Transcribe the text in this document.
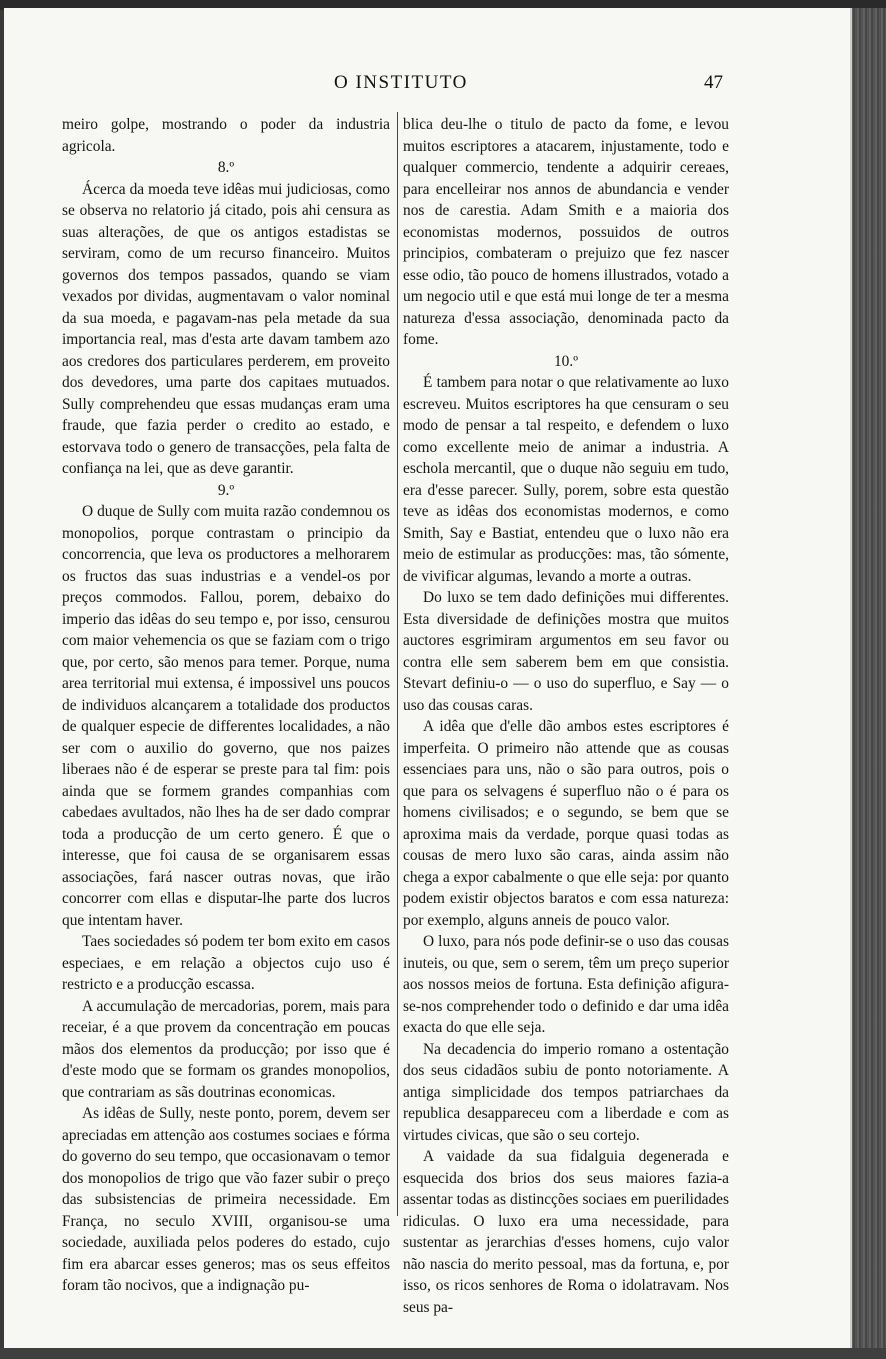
O INSTITUTO	47

meiro golpe, mostrando o poder da industria agricola.

8.º

Ácerca da moeda teve idêas mui judiciosas, como se observa no relatorio já citado, pois ahi censura as suas alterações, de que os antigos estadistas se serviram, como de um recurso financeiro. Muitos governos dos tempos passados, quando se viam vexados por dividas, augmentavam o valor nominal da sua moeda, e pagavam-nas pela metade da sua importancia real, mas d'esta arte davam tambem azo aos credores dos particulares perderem, em proveito dos devedores, uma parte dos capitaes mutuados. Sully comprehendeu que essas mudanças eram uma fraude, que fazia perder o credito ao estado, e estorvava todo o genero de transacções, pela falta de confiança na lei, que as deve garantir.

9.º

O duque de Sully com muita razão condemnou os monopolios, porque contrastam o principio da concorrencia, que leva os productores a melhorarem os fructos das suas industrias e a vendel-os por preços commodos. Fallou, porem, debaixo do imperio das idêas do seu tempo e, por isso, censurou com maior vehemencia os que se faziam com o trigo que, por certo, são menos para temer. Porque, numa area territorial mui extensa, é impossivel uns poucos de individuos alcançarem a totalidade dos productos de qualquer especie de differentes localidades, a não ser com o auxilio do governo, que nos paizes liberaes não é de esperar se preste para tal fim: pois ainda que se formem grandes companhias com cabedaes avultados, não lhes ha de ser dado comprar toda a producção de um certo genero. É que o interesse, que foi causa de se organisarem essas associações, fará nascer outras novas, que irão concorrer com ellas e disputar-lhe parte dos lucros que intentam haver.

Taes sociedades só podem ter bom exito em casos especiaes, e em relação a objectos cujo uso é restricto e a producção escassa.

A accumulação de mercadorias, porem, mais para receiar, é a que provem da concentração em poucas mãos dos elementos da producção; por isso que é d'este modo que se formam os grandes monopolios, que contrariam as sãs doutrinas economicas.

As idêas de Sully, neste ponto, porem, devem ser apreciadas em attenção aos costumes sociaes e fórma do governo do seu tempo, que occasionavam o temor dos monopolios de trigo que vão fazer subir o preço das subsistencias de primeira necessidade. Em França, no seculo XVIII, organisou-se uma sociedade, auxiliada pelos poderes do estado, cujo fim era abarcar esses generos; mas os seus effeitos foram tão nocivos, que a indignação pu-

blica deu-lhe o titulo de pacto da fome, e levou muitos escriptores a atacarem, injustamente, todo e qualquer commercio, tendente a adquirir cereaes, para encelleirar nos annos de abundancia e vender nos de carestia. Adam Smith e a maioria dos economistas modernos, possuidos de outros principios, combateram o prejuizo que fez nascer esse odio, tão pouco de homens illustrados, votado a um negocio util e que está mui longe de ter a mesma natureza d'essa associação, denominada pacto da fome.

10.º

É tambem para notar o que relativamente ao luxo escreveu. Muitos escriptores ha que censuram o seu modo de pensar a tal respeito, e defendem o luxo como excellente meio de animar a industria. A eschola mercantil, que o duque não seguiu em tudo, era d'esse parecer. Sully, porem, sobre esta questão teve as idêas dos economistas modernos, e como Smith, Say e Bastiat, entendeu que o luxo não era meio de estimular as producções: mas, tão sómente, de vivificar algumas, levando a morte a outras.

Do luxo se tem dado definições mui differentes. Esta diversidade de definições mostra que muitos auctores esgrimiram argumentos em seu favor ou contra elle sem saberem bem em que consistia. Stevart definiu-o — o uso do superfluo, e Say — o uso das cousas caras.

A idêa que d'elle dão ambos estes escriptores é imperfeita. O primeiro não attende que as cousas essenciaes para uns, não o são para outros, pois o que para os selvagens é superfluo não o é para os homens civilisados; e o segundo, se bem que se aproxima mais da verdade, porque quasi todas as cousas de mero luxo são caras, ainda assim não chega a expor cabalmente o que elle seja: por quanto podem existir objectos baratos e com essa natureza: por exemplo, alguns anneis de pouco valor.

O luxo, para nós pode definir-se o uso das cousas inuteis, ou que, sem o serem, têm um preço superior aos nossos meios de fortuna. Esta definição afigura-se-nos comprehender todo o definido e dar uma idêa exacta do que elle seja.

Na decadencia do imperio romano a ostentação dos seus cidadãos subiu de ponto notoriamente. A antiga simplicidade dos tempos patriarchaes da republica desappareceu com a liberdade e com as virtudes civicas, que são o seu cortejo.

A vaidade da sua fidalguia degenerada e esquecida dos brios dos seus maiores fazia-a assentar todas as distincções sociaes em puerilidades ridiculas. O luxo era uma necessidade, para sustentar as jerarchias d'esses homens, cujo valor não nascia do merito pessoal, mas da fortuna, e, por isso, os ricos senhores de Roma o idolatravam. Nos seus pa-
